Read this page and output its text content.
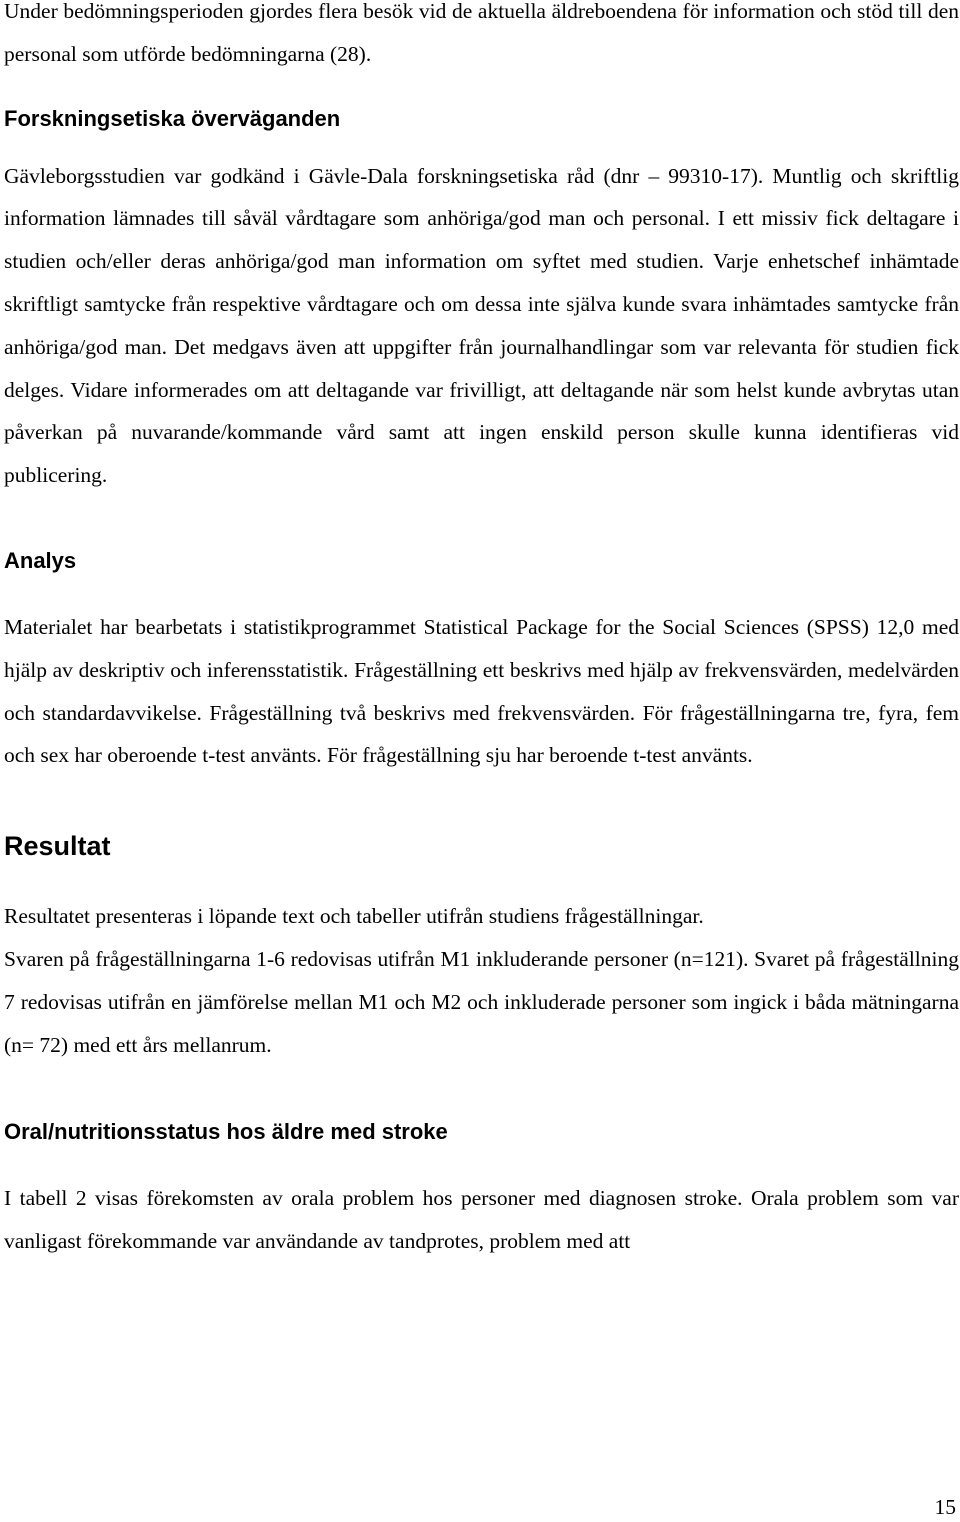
Under bedömningsperioden gjordes flera besök vid de aktuella äldreboendena för information och stöd till den personal som utförde bedömningarna (28).

Forskningsetiska överväganden

Gävleborgsstudien var godkänd i Gävle-Dala forskningsetiska råd (dnr – 99310-17). Muntlig och skriftlig information lämnades till såväl vårdtagare som anhöriga/god man och personal. I ett missiv fick deltagare i studien och/eller deras anhöriga/god man information om syftet med studien. Varje enhetschef inhämtade skriftligt samtycke från respektive vårdtagare och om dessa inte själva kunde svara inhämtades samtycke från anhöriga/god man. Det medgavs även att uppgifter från journalhandlingar som var relevanta för studien fick delges. Vidare informerades om att deltagande var frivilligt, att deltagande när som helst kunde avbrytas utan påverkan på nuvarande/kommande vård samt att ingen enskild person skulle kunna identifieras vid publicering.

Analys

Materialet har bearbetats i statistikprogrammet Statistical Package for the Social Sciences (SPSS) 12,0 med hjälp av deskriptiv och inferensstatistik. Frågeställning ett beskrivs med hjälp av frekvensvärden, medelvärden och standardavvikelse. Frågeställning två beskrivs med frekvensvärden. För frågeställningarna tre, fyra, fem och sex har oberoende t-test använts. För frågeställning sju har beroende t-test använts.

Resultat

Resultatet presenteras i löpande text och tabeller utifrån studiens frågeställningar.

Svaren på frågeställningarna 1-6 redovisas utifrån M1 inkluderande personer (n=121). Svaret på frågeställning 7 redovisas utifrån en jämförelse mellan M1 och M2 och inkluderade personer som ingick i båda mätningarna (n= 72) med ett års mellanrum.

Oral/nutritionsstatus hos äldre med stroke

I tabell 2 visas förekomsten av orala problem hos personer med diagnosen stroke. Orala problem som var vanligast förekommande var användande av tandprotes, problem med att

15
